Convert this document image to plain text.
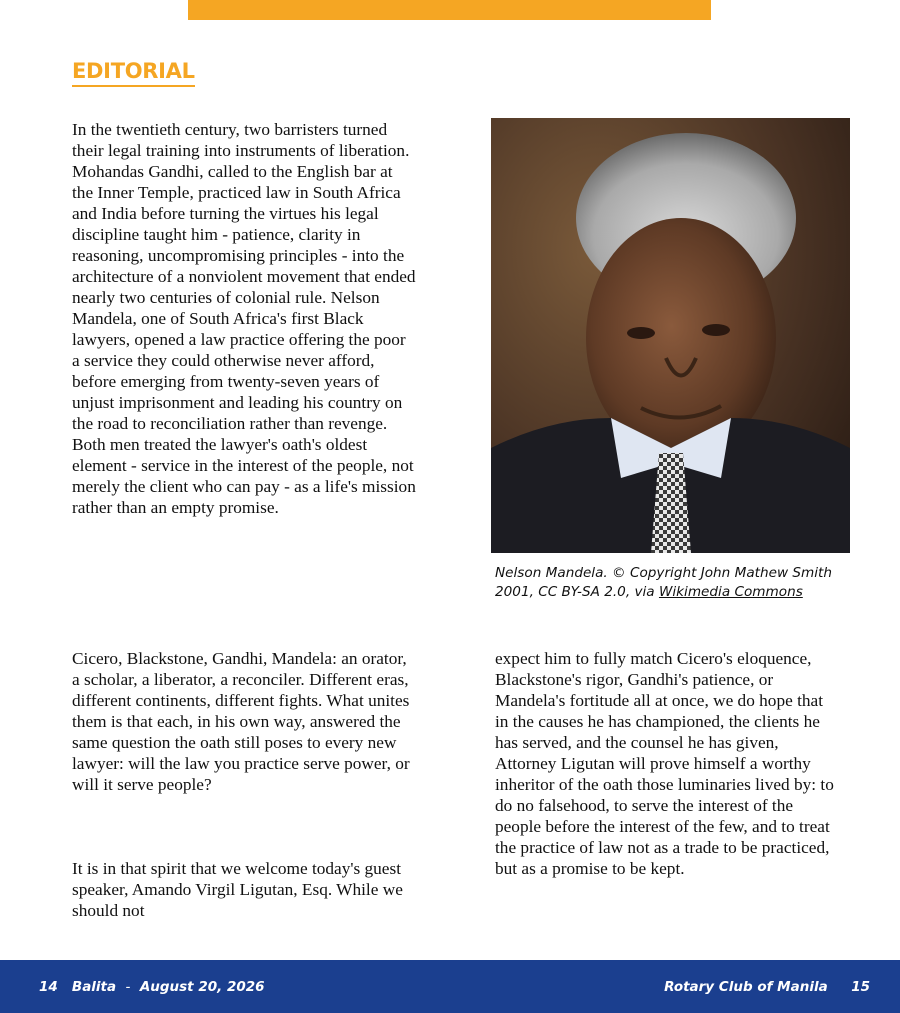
EDITORIAL
In the twentieth century, two barristers turned their legal training into instruments of liberation. Mohandas Gandhi, called to the English bar at the Inner Temple, practiced law in South Africa and India before turning the virtues his legal discipline taught him - patience, clarity in reasoning, uncompromising principles - into the architecture of a nonviolent movement that ended nearly two centuries of colonial rule. Nelson Mandela, one of South Africa's first Black lawyers, opened a law practice offering the poor a service they could otherwise never afford, before emerging from twenty-seven years of unjust imprisonment and leading his country on the road to reconciliation rather than revenge. Both men treated the lawyer's oath's oldest element - service in the interest of the people, not merely the client who can pay - as a life's mission rather than an empty promise.
Cicero, Blackstone, Gandhi, Mandela: an orator, a scholar, a liberator, a reconciler. Different eras, different continents, different fights. What unites them is that each, in his own way, answered the same question the oath still poses to every new lawyer: will the law you practice serve power, or will it serve people?
It is in that spirit that we welcome today's guest speaker, Amando Virgil Ligutan, Esq. While we should not
Nelson Mandela. © Copyright John Mathew Smith 2001, CC BY-SA 2.0, via Wikimedia Commons
expect him to fully match Cicero's eloquence, Blackstone's rigor, Gandhi's patience, or Mandela's fortitude all at once, we do hope that in the causes he has championed, the clients he has served, and the counsel he has given, Attorney Ligutan will prove himself a worthy inheritor of the oath those luminaries lived by: to do no falsehood, to serve the interest of the people before the interest of the few, and to treat the practice of law not as a trade to be practiced, but as a promise to be kept.
14 Balita - August 20, 2026	Rotary Club of Manila 15
